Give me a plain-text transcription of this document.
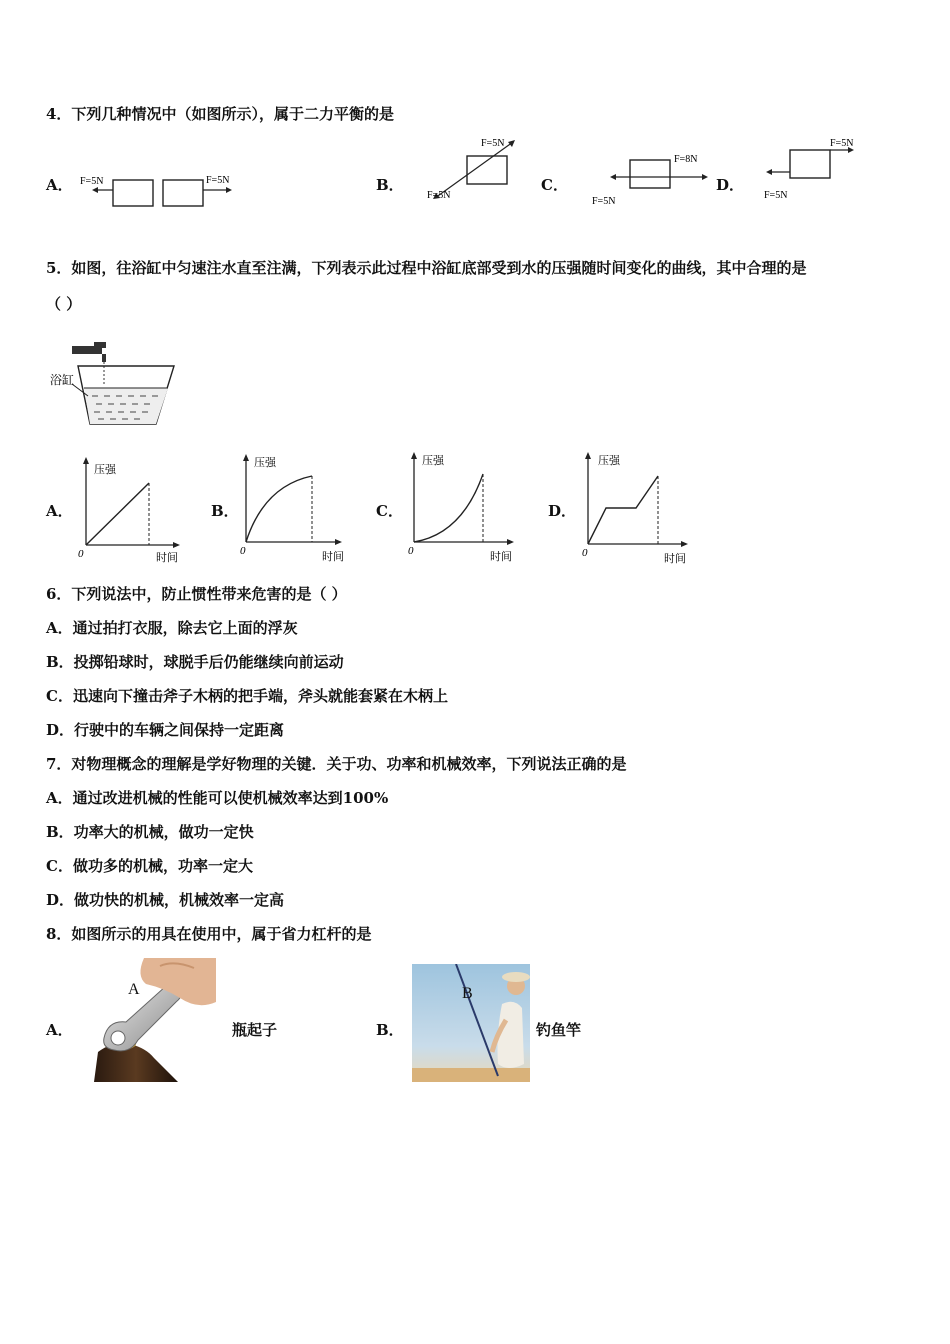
4．下列几种情况中（如图所示），属于二力平衡的是
A． F=5N	F=5N	B．
F=5N
F=5N
C．
F=8N
F=5N
D．
F=5N
F=5N
5．如图，往浴缸中匀速注水直至注满，下列表示此过程中浴缸底部受到水的压强随时间变化的曲线，其中合理的是
（ ）
浴缸
A．
压强
时间
0
B．
压强
时间
0
C．
压强
时间
0
D．
压强
时间
0
6．下列说法中，防止惯性带来危害的是（ ）
A．通过拍打衣服，除去它上面的浮灰
B．投掷铅球时，球脱手后仍能继续向前运动
C．迅速向下撞击斧子木柄的把手端，斧头就能套紧在木柄上
D．行驶中的车辆之间保持一定距离
7．对物理概念的理解是学好物理的关键．关于功、功率和机械效率，下列说法正确的是
A．通过改进机械的性能可以使机械效率达到100%
B．功率大的机械，做功一定快
C．做功多的机械，功率一定大
D．做功快的机械，机械效率一定高
8．如图所示的用具在使用中，属于省力杠杆的是
A．
A
瓶起子	B．
B
钓鱼竿
